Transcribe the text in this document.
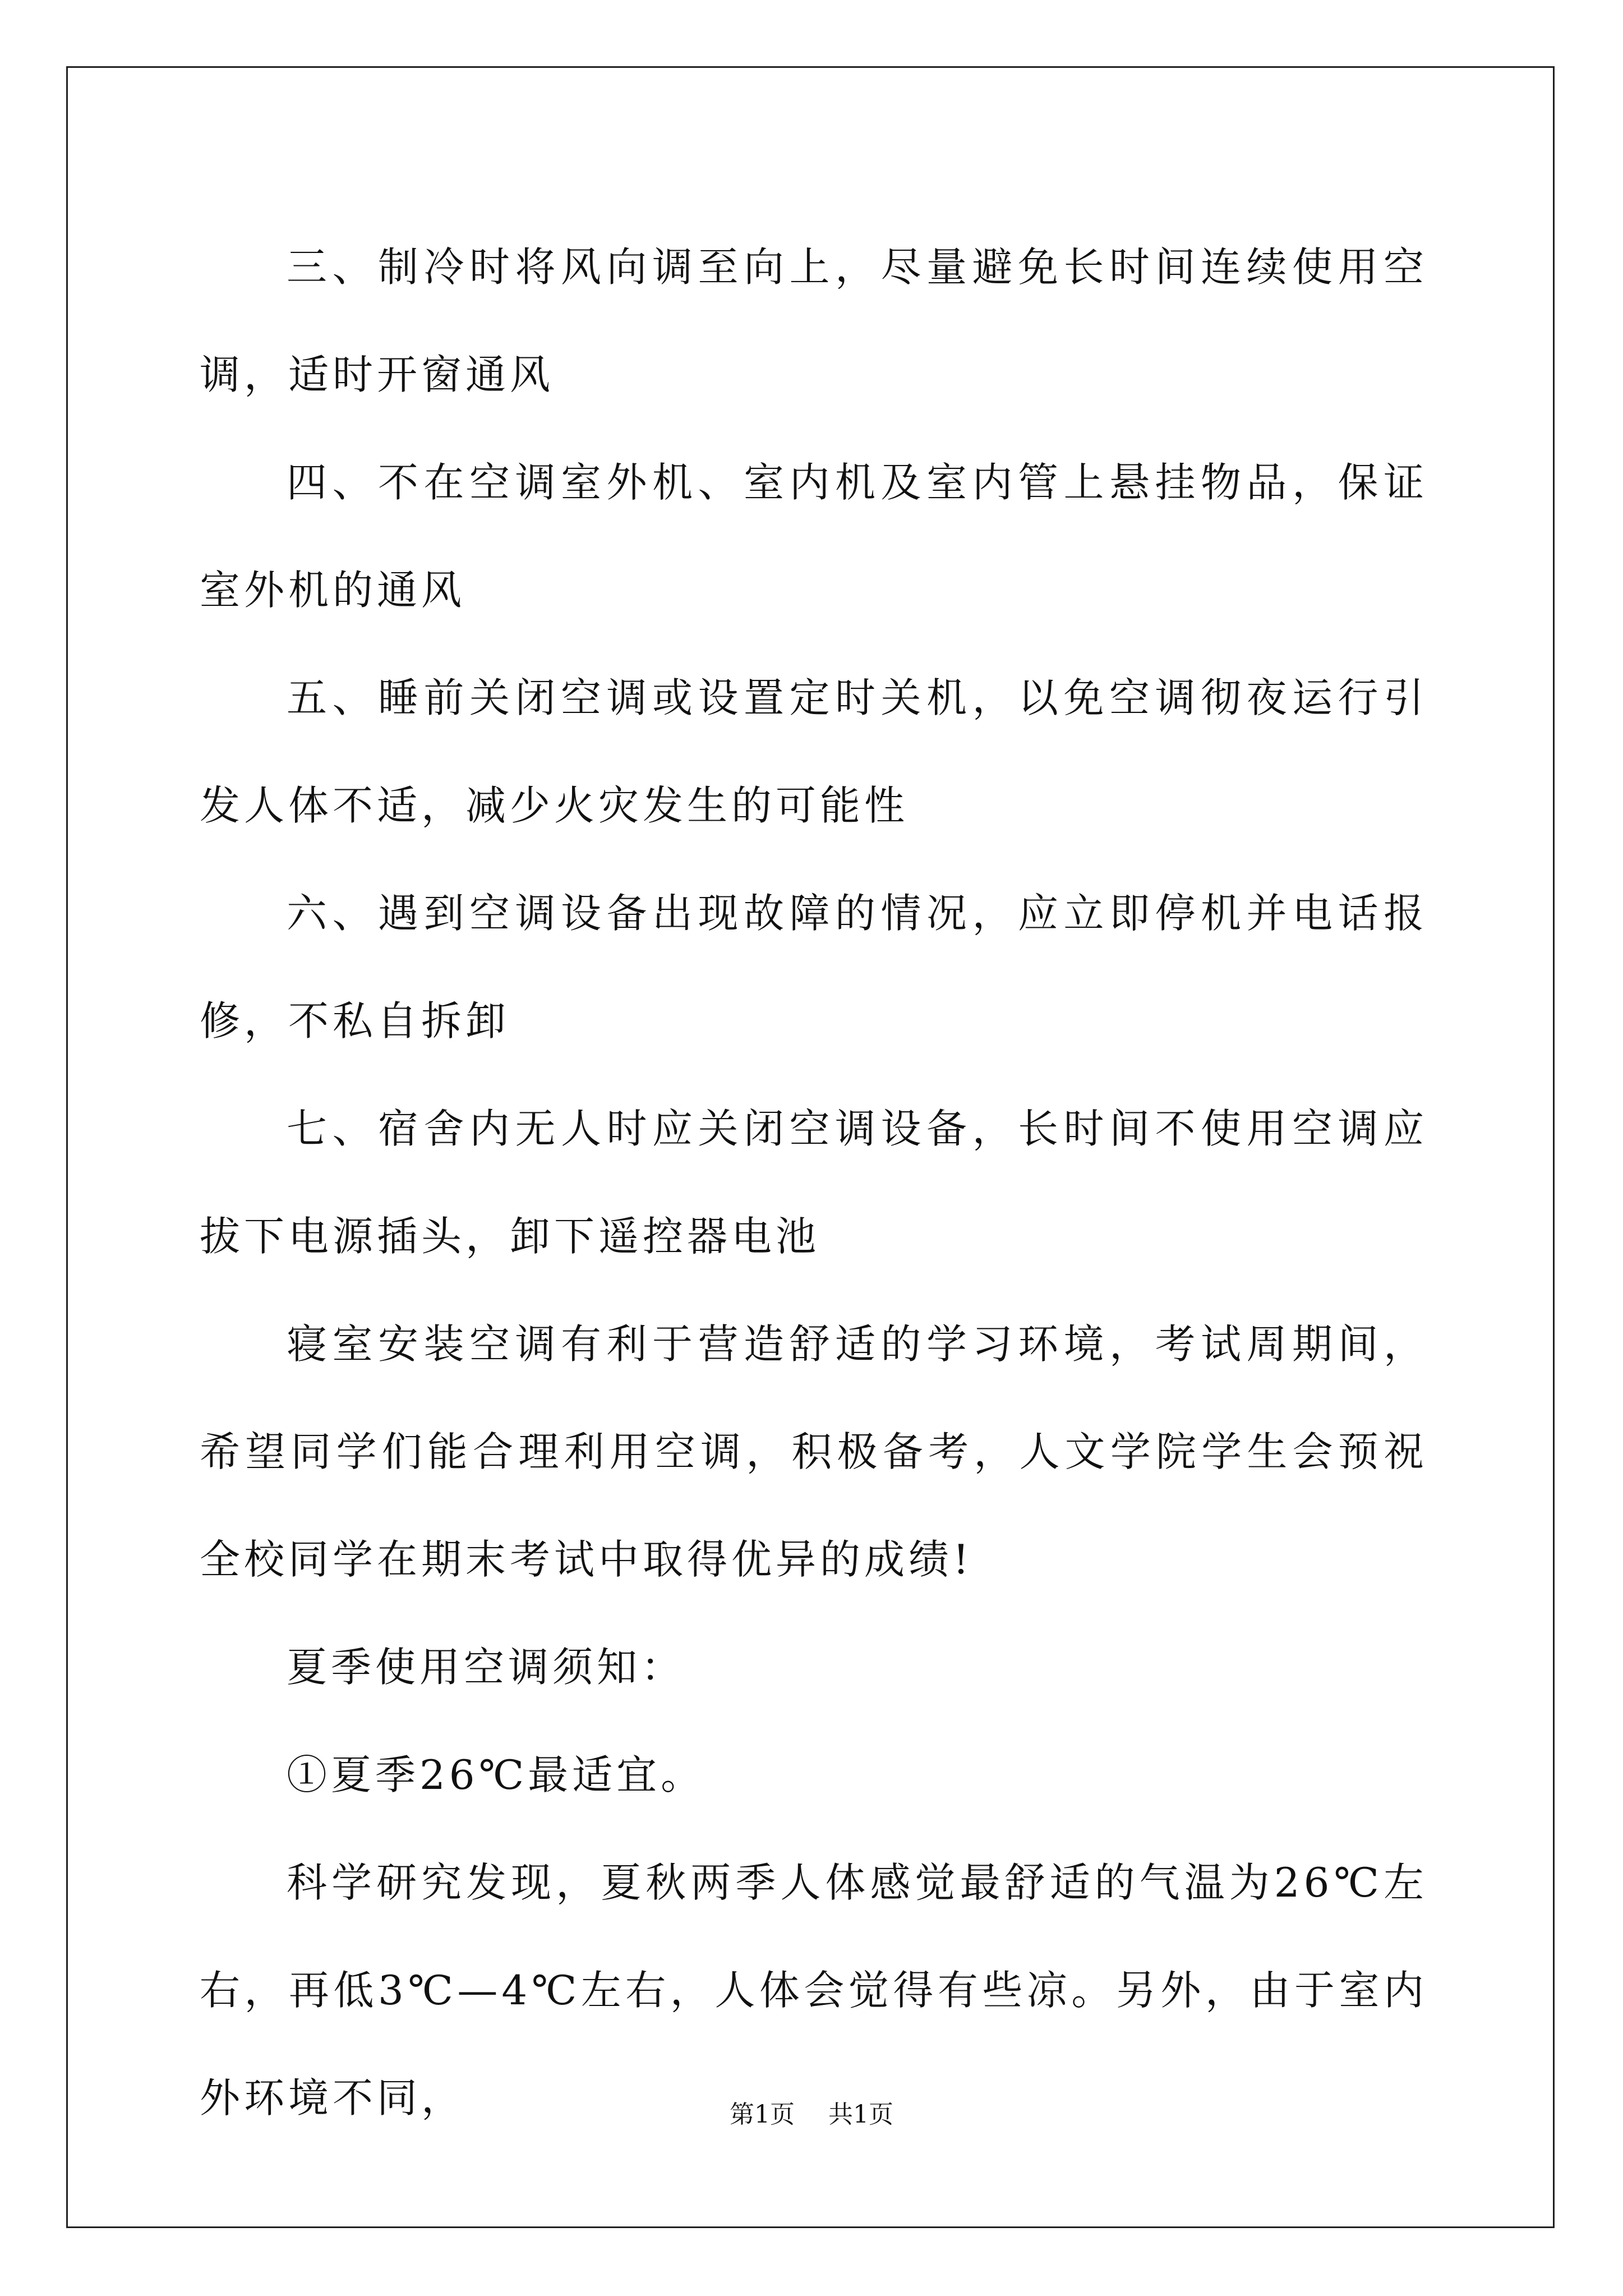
三、制冷时将风向调至向上，尽量避免长时间连续使用空调，适时开窗通风

四、不在空调室外机、室内机及室内管上悬挂物品，保证室外机的通风

五、睡前关闭空调或设置定时关机，以免空调彻夜运行引发人体不适，减少火灾发生的可能性

六、遇到空调设备出现故障的情况，应立即停机并电话报修，不私自拆卸

七、宿舍内无人时应关闭空调设备，长时间不使用空调应拔下电源插头，卸下遥控器电池

寝室安装空调有利于营造舒适的学习环境，考试周期间，希望同学们能合理利用空调，积极备考，人文学院学生会预祝全校同学在期末考试中取得优异的成绩!

夏季使用空调须知：

①夏季26℃最适宜。

科学研究发现，夏秋两季人体感觉最舒适的气温为26℃左右，再低3℃—4℃左右，人体会觉得有些凉。另外，由于室内外环境不同，	第1页 共1页
